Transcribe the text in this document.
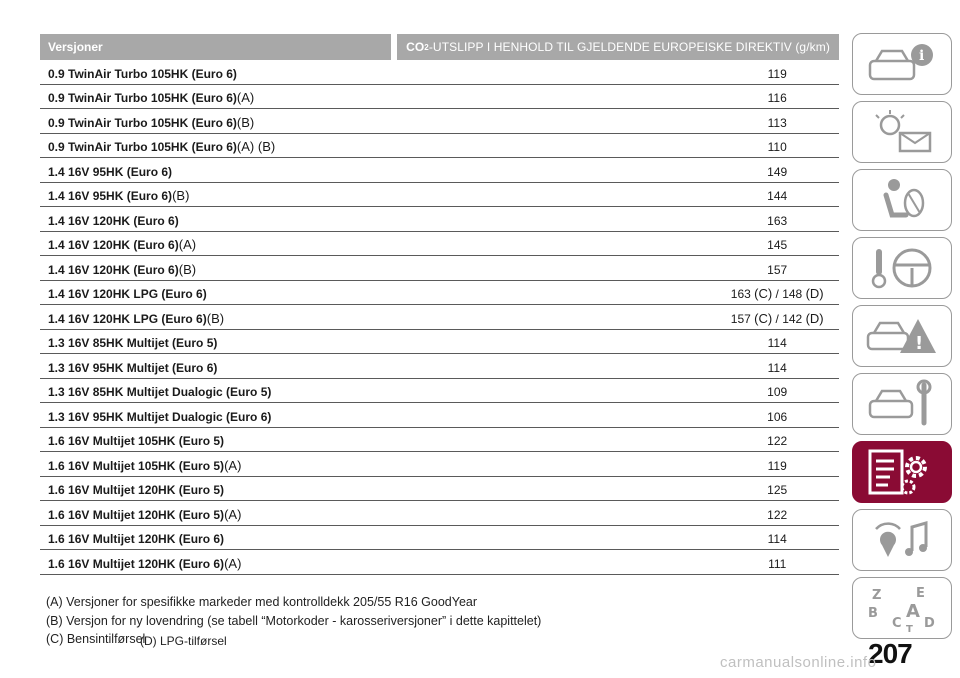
Versjoner	CO 2 -UTSLIPP I HENHOLD TIL GJELDENDE EUROPEISKE DIREKTIV (g/km)
0.9 TwinAir Turbo 105HK (Euro 6)	119
0.9 TwinAir Turbo 105HK (Euro 6)(A)	116
0.9 TwinAir Turbo 105HK (Euro 6)(B)	113
0.9 TwinAir Turbo 105HK (Euro 6)(A) (B)	110
1.4 16V 95HK (Euro 6)	149
1.4 16V 95HK (Euro 6)(B)	144
1.4 16V 120HK (Euro 6)	163
1.4 16V 120HK (Euro 6)(A)	145
1.4 16V 120HK (Euro 6)(B)	157
1.4 16V 120HK LPG (Euro 6)	163 (C) / 148 (D)
1.4 16V 120HK LPG (Euro 6)(B)	157 (C) / 142 (D)
1.3 16V 85HK Multijet (Euro 5)	114
1.3 16V 95HK Multijet (Euro 6)	114
1.3 16V 85HK Multijet Dualogic (Euro 5)	109
1.3 16V 95HK Multijet Dualogic (Euro 6)	106
1.6 16V Multijet 105HK (Euro 5)	122
1.6 16V Multijet 105HK (Euro 5)(A)	119
1.6 16V Multijet 120HK (Euro 5)	125
1.6 16V Multijet 120HK (Euro 5)(A)	122
1.6 16V Multijet 120HK (Euro 6)	114
1.6 16V Multijet 120HK (Euro 6)(A)	111
(A) Versjoner for spesifikke markeder med kontrolldekk 205/55 R16 GoodYear
(B) Versjon for ny lovendring (se tabell “Motorkoder - karosseriversjoner” i dette kapittelet)
(C) Bensintilførsel
(D) LPG-tilførsel
i
!
Z	E
B A
C D
T
207
carmanualsonline.info
